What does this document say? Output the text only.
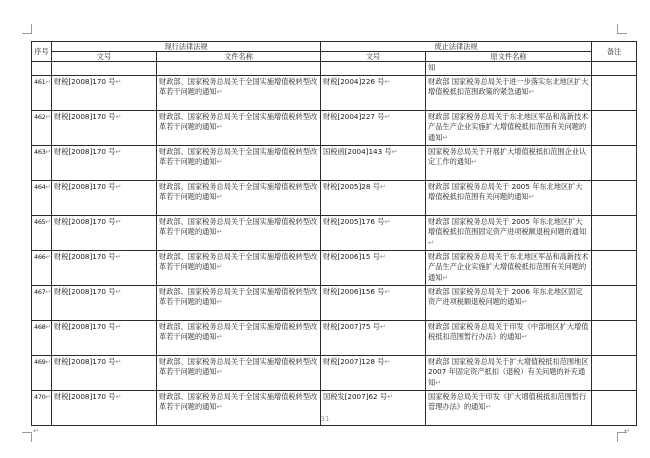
序号	现行法律法规		废止法律法规		备注
	文号	文件名称	文号	原文件名称	
				知	
461↵	财税[2008]170 号↵	财政部、国家税务总局关于全国实施增值税转型改革若干问题的通知↵	财税[2004]226 号↵	财政部 国家税务总局关于进一步落实东北地区扩大增值税抵扣范围政策的紧急通知↵	
462↵	财税[2008]170 号↵	财政部、国家税务总局关于全国实施增值税转型改革若干问题的通知↵	财税[2004]227 号↵	财政部 国家税务总局关于东北地区军品和高新技术产品生产企业实施扩大增值税抵扣范围有关问题的通知↵	
463↵	财税[2008]170 号↵	财政部、国家税务总局关于全国实施增值税转型改革若干问题的通知↵	国税函[2004]143 号↵	国家税务总局关于开展扩大增值税抵扣范围企业认定工作的通知↵	
464↵	财税[2008]170 号↵	财政部、国家税务总局关于全国实施增值税转型改革若干问题的通知↵	财税[2005]28 号↵	财政部 国家税务总局关于 2005 年东北地区扩大增值税抵扣范围有关问题的通知↵	
465↵	财税[2008]170 号↵	财政部、国家税务总局关于全国实施增值税转型改革若干问题的通知↵	财税[2005]176 号↵	财政部 国家税务总局关于 2005 年东北地区扩大增值税抵扣范围固定资产进项税额退税问题的通知↵	
466↵	财税[2008]170 号↵	财政部、国家税务总局关于全国实施增值税转型改革若干问题的通知↵	财税[2006]15 号↵	财政部 国家税务总局关于东北地区军品和高新技术产品生产企业实施扩大增值税抵扣范围有关问题的通知↵	
467↵	财税[2008]170 号↵	财政部、国家税务总局关于全国实施增值税转型改革若干问题的通知↵	财税[2006]156 号↵	财政部 国家税务总局关于 2006 年东北地区固定资产进项税额退税问题的通知↵	
468↵	财税[2008]170 号↵	财政部、国家税务总局关于全国实施增值税转型改革若干问题的通知↵	财税[2007]75 号↵	财政部 国家税务总局关于印发《中部地区扩大增值税抵扣范围暂行办法》的通知↵	
469↵	财税[2008]170 号↵	财政部、国家税务总局关于全国实施增值税转型改革若干问题的通知↵	财税[2007]128 号↵	财政部 国家税务总局关于扩大增值税抵扣范围地区 2007 年固定资产抵扣（退税）有关问题的补充通知↵	
470↵	财税[2008]170 号↵	财政部、国家税务总局关于全国实施增值税转型改革若干问题的通知↵	国税发[2007]62 号↵	国家税务总局关于印发《扩大增值税抵扣范围暂行管理办法》的通知↵	
31
↵	↵
